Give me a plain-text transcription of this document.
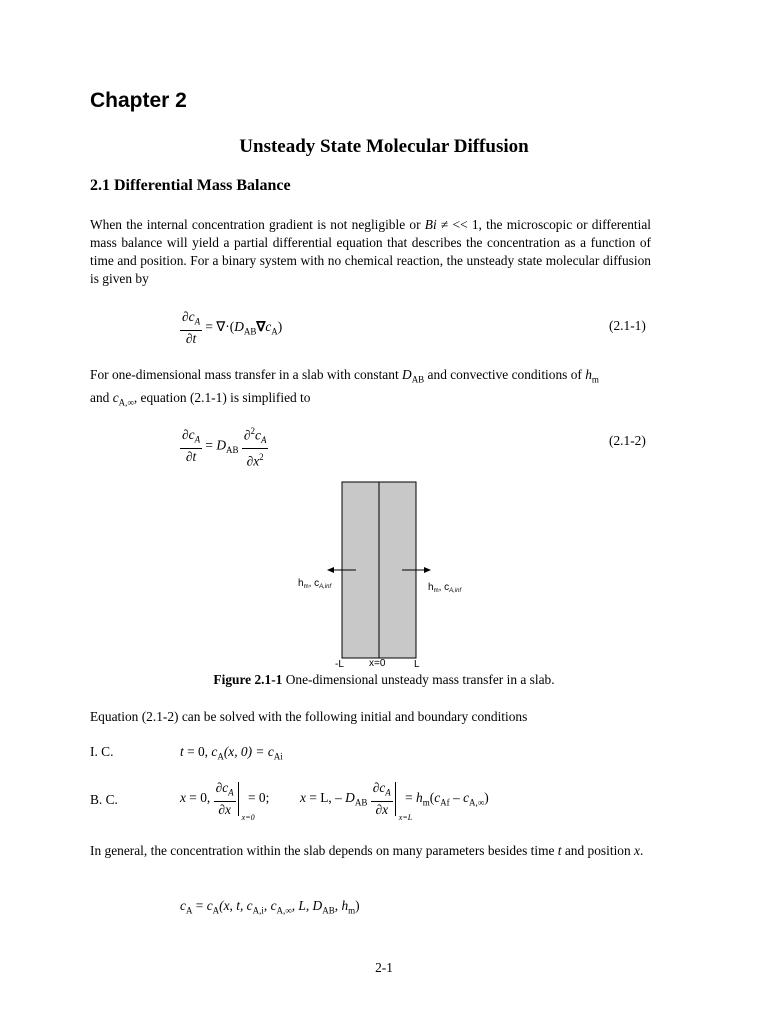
Chapter 2
Unsteady State Molecular Diffusion
2.1 Differential Mass Balance
When the internal concentration gradient is not negligible or Bi ≠ << 1, the microscopic or differential mass balance will yield a partial differential equation that describes the concentration as a function of time and position. For a binary system with no chemical reaction, the unsteady state molecular diffusion is given by
$\frac{\partial c_A}{\partial t} = \nabla\cdot(D_{AB}\nabla c_A)$	(2.1-1)
For one-dimensional mass transfer in a slab with constant $D_{AB}$ and convective conditions of $h_m$
and $c_{A,\infty}$, equation (2.1-1) is simplified to
$\frac{\partial c_A}{\partial t} = D_{AB} \frac{\partial^2c_A}{\partial x^2}$	(2.1-2)
$h_m$, $c_{A,inf}$	$h_m$, $c_{A,inf}$
-L	x=0	L
Figure 2.1-1 One-dimensional unsteady mass transfer in a slab.
Equation (2.1-2) can be solved with the following initial and boundary conditions
I. C.	t = 0, $c_A(x$, $0) = c_{Ai}$
B. C.	x = 0, $\frac{\partial c_A}{\partial x} x=0$
= 0; x = L, – $D_{AB} \frac{\partial c_A}{\partial x} x=L$
= $h_m(c_{Af} - c_{A,\infty})$
In general, the concentration within the slab depends on many parameters besides time t and position x.
$c_A = c_A(x$, t, $c_{A,i}$, $c_{A,\infty}$, L, $D_{AB}$, $h_m$)
2-1
